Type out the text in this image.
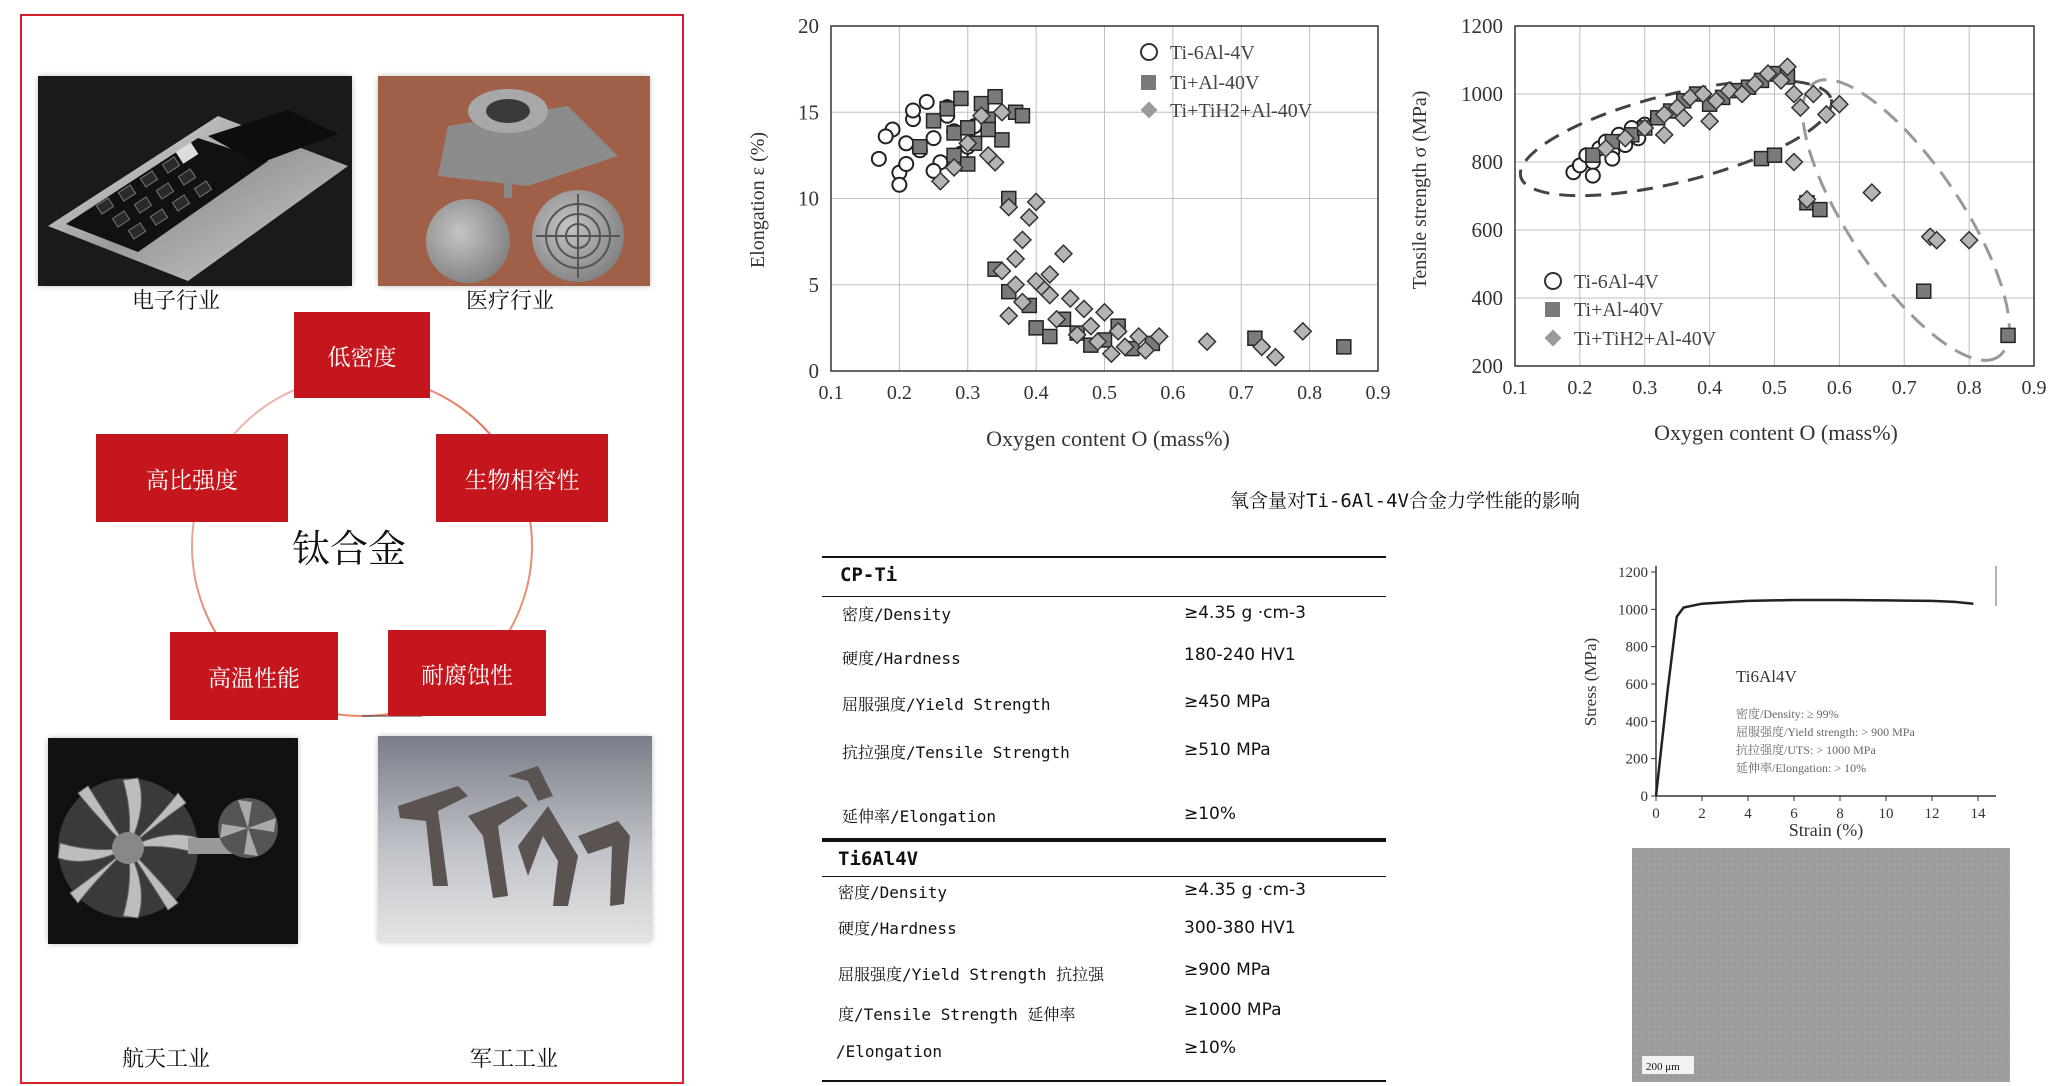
电子行业	医疗行业
低密度
高比强度	生物相容性
高温性能	耐腐蚀性
钛合金
航天工业	军工工业
0
5
10
15
20
0.1 0.2 0.3 0.4 0.5 0.6 0.7 0.8 0.9
Oxygen content O (mass%)
Elongation ε (%)
Ti-6Al-4V
Ti+Al-40V
Ti+TiH2+Al-40V
200
400
600
800
1000
1200
0.1 0.2 0.3 0.4 0.5 0.6 0.7 0.8 0.9
Oxygen content O (mass%)
Tensile strength σ (MPa)	Ti-6Al-4V
Ti+Al-40V
Ti+TiH2+Al-40V
氧含量对Ti-6Al-4V合金力学性能的影响
CP-Ti
密度/Density	≥4.35 g ·cm-3
硬度/Hardness	180-240 HV1
屈服强度/Yield Strength	≥450 MPa
抗拉强度/Tensile Strength	≥510 MPa
延伸率/Elongation	≥10%
Ti6Al4V
密度/Density	≥4.35 g ·cm-3
硬度/Hardness	300-380 HV1
屈服强度/Yield Strength 抗拉强	≥900 MPa
度/Tensile Strength 延伸率	≥1000 MPa
/Elongation	≥10%
0
200
400
600
800
1000
1200
0	2	4	6	8 10 12 14
Strain (%)
Stress (MPa)	Ti6Al4V
密度/Density: ≥ 99%
屈服强度/Yield strength: > 900 MPa
抗拉强度/UTS: > 1000 MPa
延伸率/Elongation: > 10%
200 μm
